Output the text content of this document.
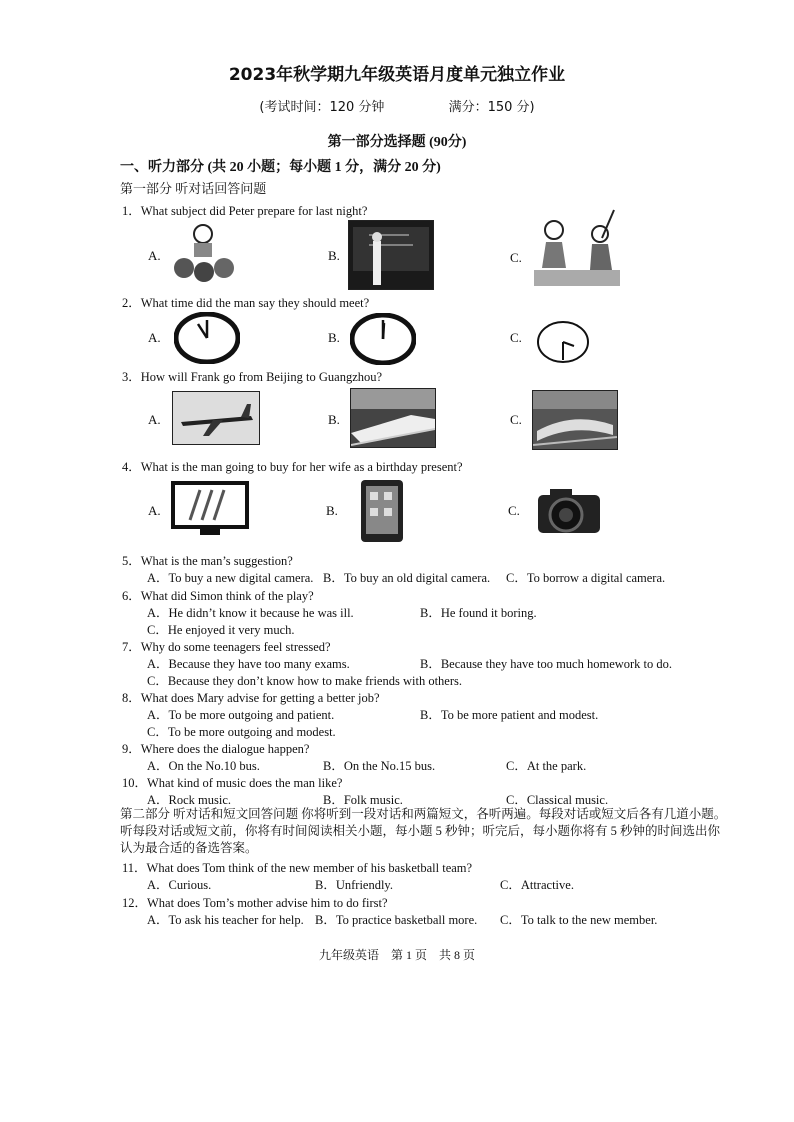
2023年秋学期九年级英语月度单元独立作业
(考试时间：120 分钟	满分：150 分)
第一部分选择题 (90分)
一、听力部分 (共 20 小题；每小题 1 分，满分 20 分)
第一部分 听对话回答问题
1．What subject did Peter prepare for last night?
A.	B.	C.
2．What time did the man say they should meet?
A.	B.	C.
3．How will Frank go from Beijing to Guangzhou?
A.	B.	C.
4．What is the man going to buy for her wife as a birthday present?
A.	B.	C.
5．What is the man’s suggestion?
A．To buy a new digital camera. B．To buy an old digital camera. C．To borrow a digital camera.
6．What did Simon think of the play?
A．He didn’t know it because he was ill.	B．He found it boring.
C．He enjoyed it very much.
7．Why do some teenagers feel stressed?
A．Because they have too many exams.	B．Because they have too much homework to do.
C．Because they don’t know how to make friends with others.
8．What does Mary advise for getting a better job?
A．To be more outgoing and patient.	B．To be more patient and modest.
C．To be more outgoing and modest.
9．Where does the dialogue happen?
A．On the No.10 bus.	B．On the No.15 bus.	C．At the park.
10．What kind of music does the man like?
A．Rock music.	B．Folk music.	C．Classical music.
第二部分 听对话和短文回答问题 你将听到一段对话和两篇短文，各听两遍。每段对话或短文后各有几道小题。听每段对话或短文前，你将有时间阅读相关小题，每小题 5 秒钟；听完后，每小题你将有 5 秒钟的时间选出你认为最合适的备选答案。
11．What does Tom think of the new member of his basketball team?
A．Curious.	B．Unfriendly.	C．Attractive.
12．What does Tom’s mother advise him to do first?
A．To ask his teacher for help. B．To practice basketball more. C．To talk to the new member.
九年级英语　第 1 页　共 8 页
